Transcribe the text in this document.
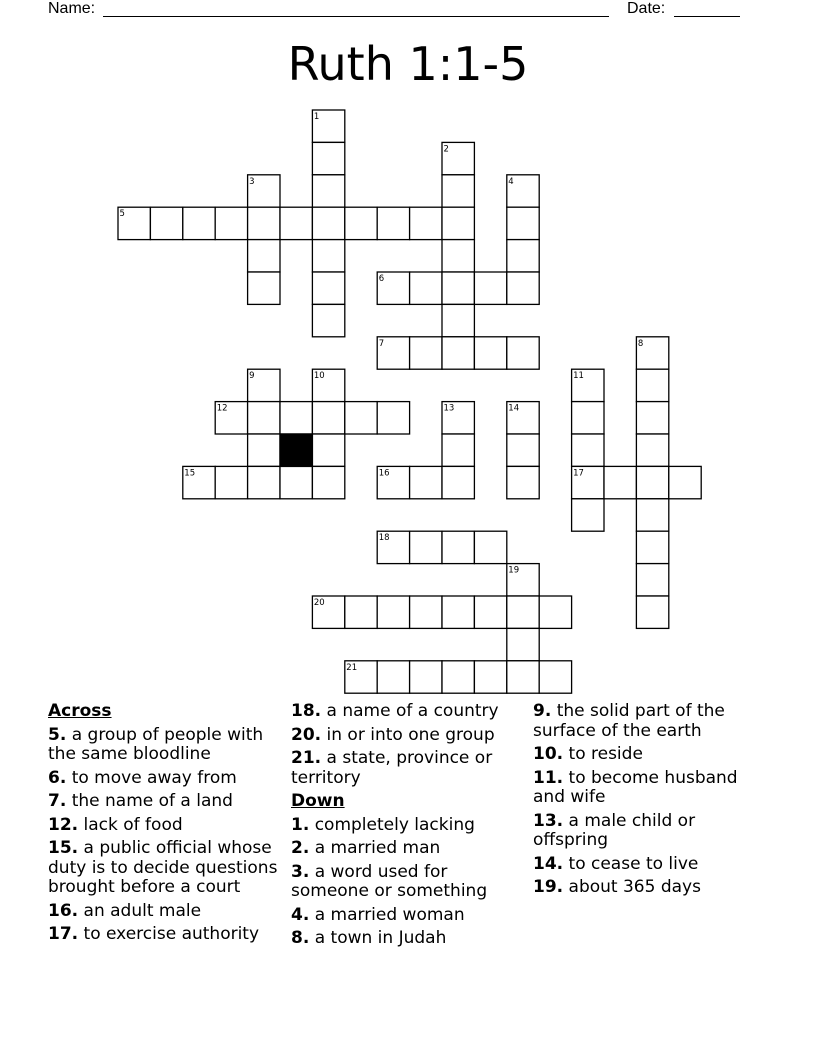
Name:	Date:
Ruth 1:1-5
1
2
3	4
5
6
7	8
9	10	11
12	13	14
15	16	17
18
19
20
21
Across
5. a group of people with the same bloodline
6. to move away from
7. the name of a land
12. lack of food
15. a public official whose duty is to decide questions brought before a court
16. an adult male
17. to exercise authority
18. a name of a country
20. in or into one group
21. a state, province or territory
Down
1. completely lacking
2. a married man
3. a word used for someone or something
4. a married woman
8. a town in Judah
9. the solid part of the surface of the earth
10. to reside
11. to become husband and wife
13. a male child or offspring
14. to cease to live
19. about 365 days
